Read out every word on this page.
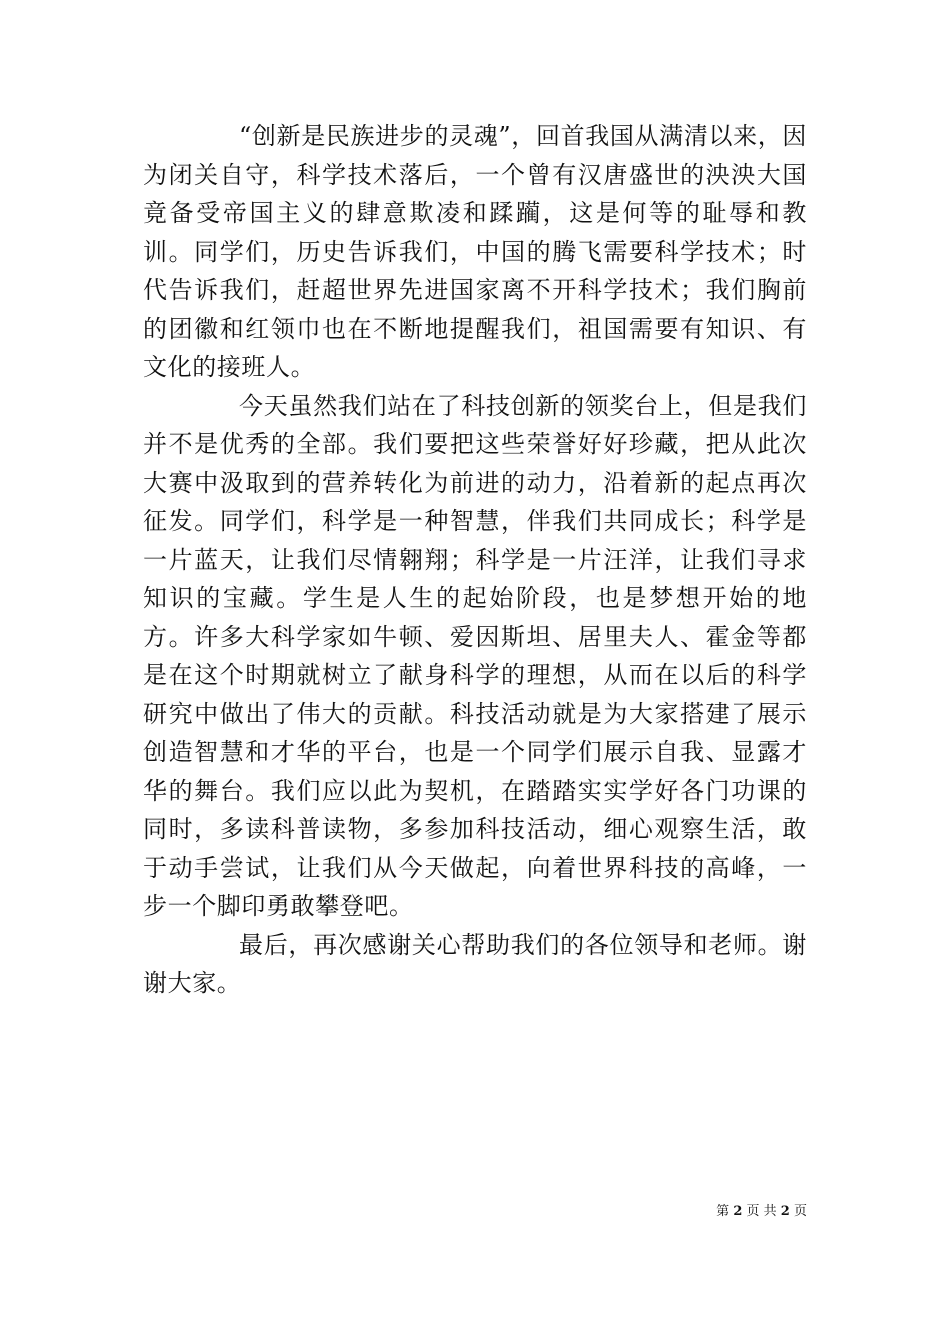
“创新是民族进步的灵魂”，回首我国从满清以来，因为闭关自守，科学技术落后，一个曾有汉唐盛世的泱泱大国竟备受帝国主义的肆意欺凌和蹂躏，这是何等的耻辱和教训。同学们，历史告诉我们，中国的腾飞需要科学技术；时代告诉我们，赶超世界先进国家离不开科学技术；我们胸前的团徽和红领巾也在不断地提醒我们，祖国需要有知识、有文化的接班人。

今天虽然我们站在了科技创新的领奖台上，但是我们并不是优秀的全部。我们要把这些荣誉好好珍藏，把从此次大赛中汲取到的营养转化为前进的动力，沿着新的起点再次征发。同学们，科学是一种智慧，伴我们共同成长；科学是一片蓝天，让我们尽情翱翔；科学是一片汪洋，让我们寻求知识的宝藏。学生是人生的起始阶段，也是梦想开始的地方。许多大科学家如牛顿、爱因斯坦、居里夫人、霍金等都是在这个时期就树立了献身科学的理想，从而在以后的科学研究中做出了伟大的贡献。科技活动就是为大家搭建了展示创造智慧和才华的平台，也是一个同学们展示自我、显露才华的舞台。我们应以此为契机，在踏踏实实学好各门功课的同时，多读科普读物，多参加科技活动，细心观察生活，敢于动手尝试，让我们从今天做起，向着世界科技的高峰，一步一个脚印勇敢攀登吧。

最后，再次感谢关心帮助我们的各位领导和老师。谢谢大家。

第 2 页 共 2 页
